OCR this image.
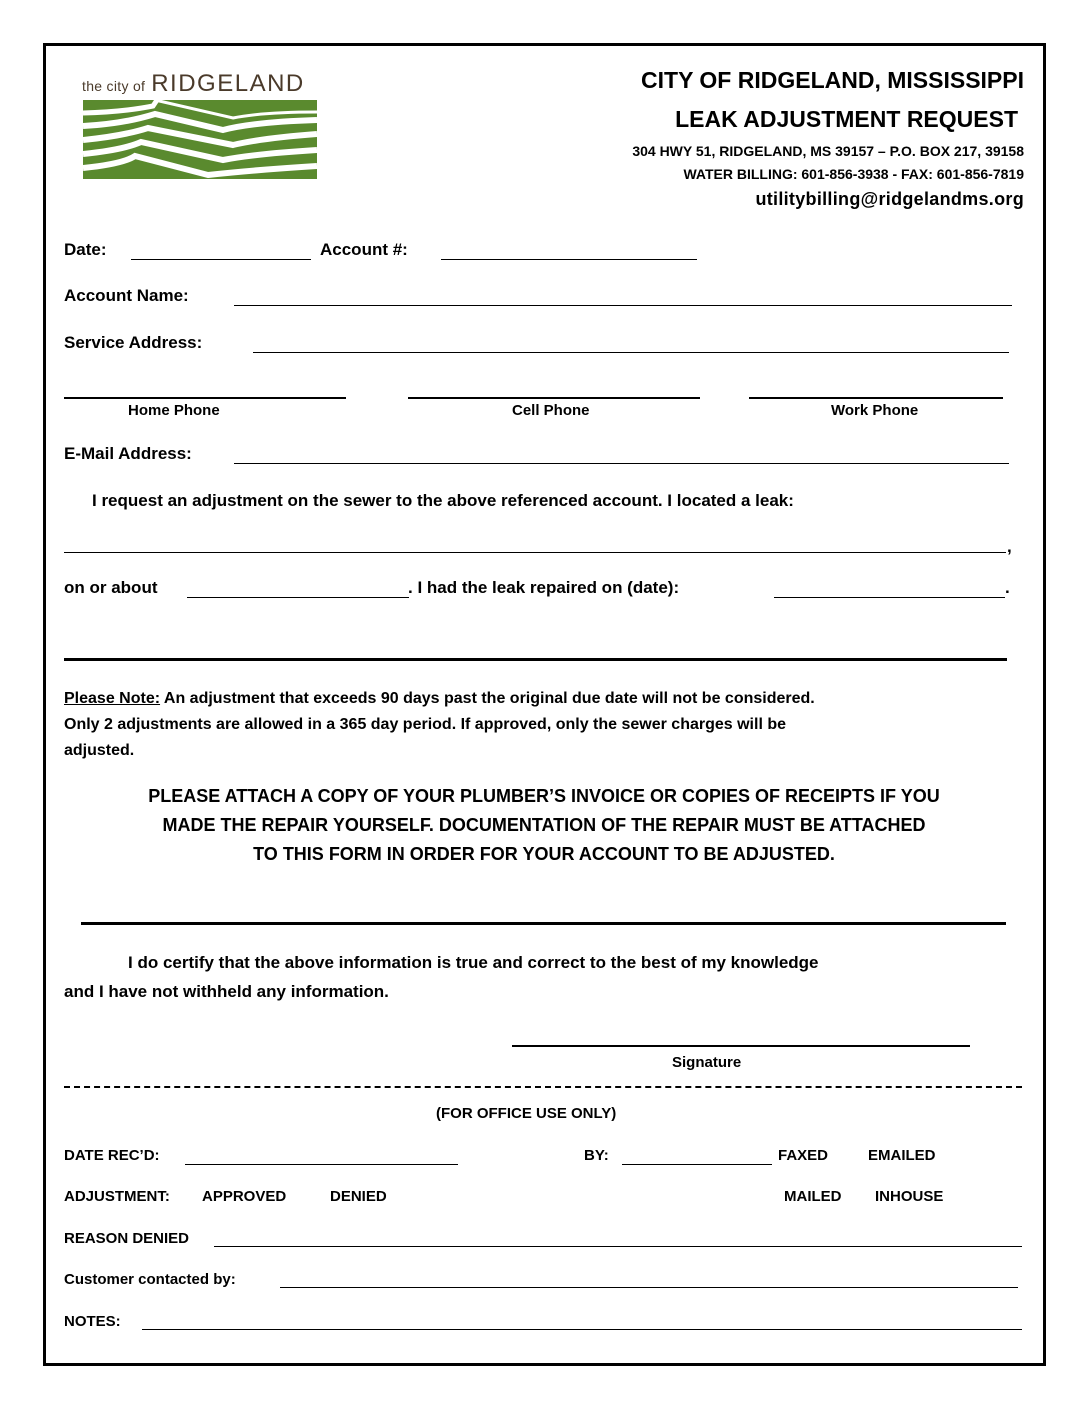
the city of RIDGELAND	CITY OF RIDGELAND, MISSISSIPPI
LEAK ADJUSTMENT REQUEST
304 HWY 51, RIDGELAND, MS 39157 – P.O. BOX 217, 39158
WATER BILLING: 601-856-3938 - FAX: 601-856-7819
utilitybilling@ridgelandms.org
Date:	Account #:
Account Name:
Service Address:
Home Phone	Cell Phone	Work Phone
E-Mail Address:
I request an adjustment on the sewer to the above referenced account. I located a leak:
,
on or about	. I had the leak repaired on (date):	.
Please Note: An adjustment that exceeds 90 days past the original due date will not be considered.
Only 2 adjustments are allowed in a 365 day period. If approved, only the sewer charges will be
adjusted.
PLEASE ATTACH A COPY OF YOUR PLUMBER’S INVOICE OR COPIES OF RECEIPTS IF YOU
MADE THE REPAIR YOURSELF. DOCUMENTATION OF THE REPAIR MUST BE ATTACHED
TO THIS FORM IN ORDER FOR YOUR ACCOUNT TO BE ADJUSTED.
I do certify that the above information is true and correct to the best of my knowledge
and I have not withheld any information.
Signature
(FOR OFFICE USE ONLY)
DATE REC’D:	BY:	FAXED	EMAILED
ADJUSTMENT: APPROVED	DENIED	MAILED INHOUSE
REASON DENIED
Customer contacted by:
NOTES:
